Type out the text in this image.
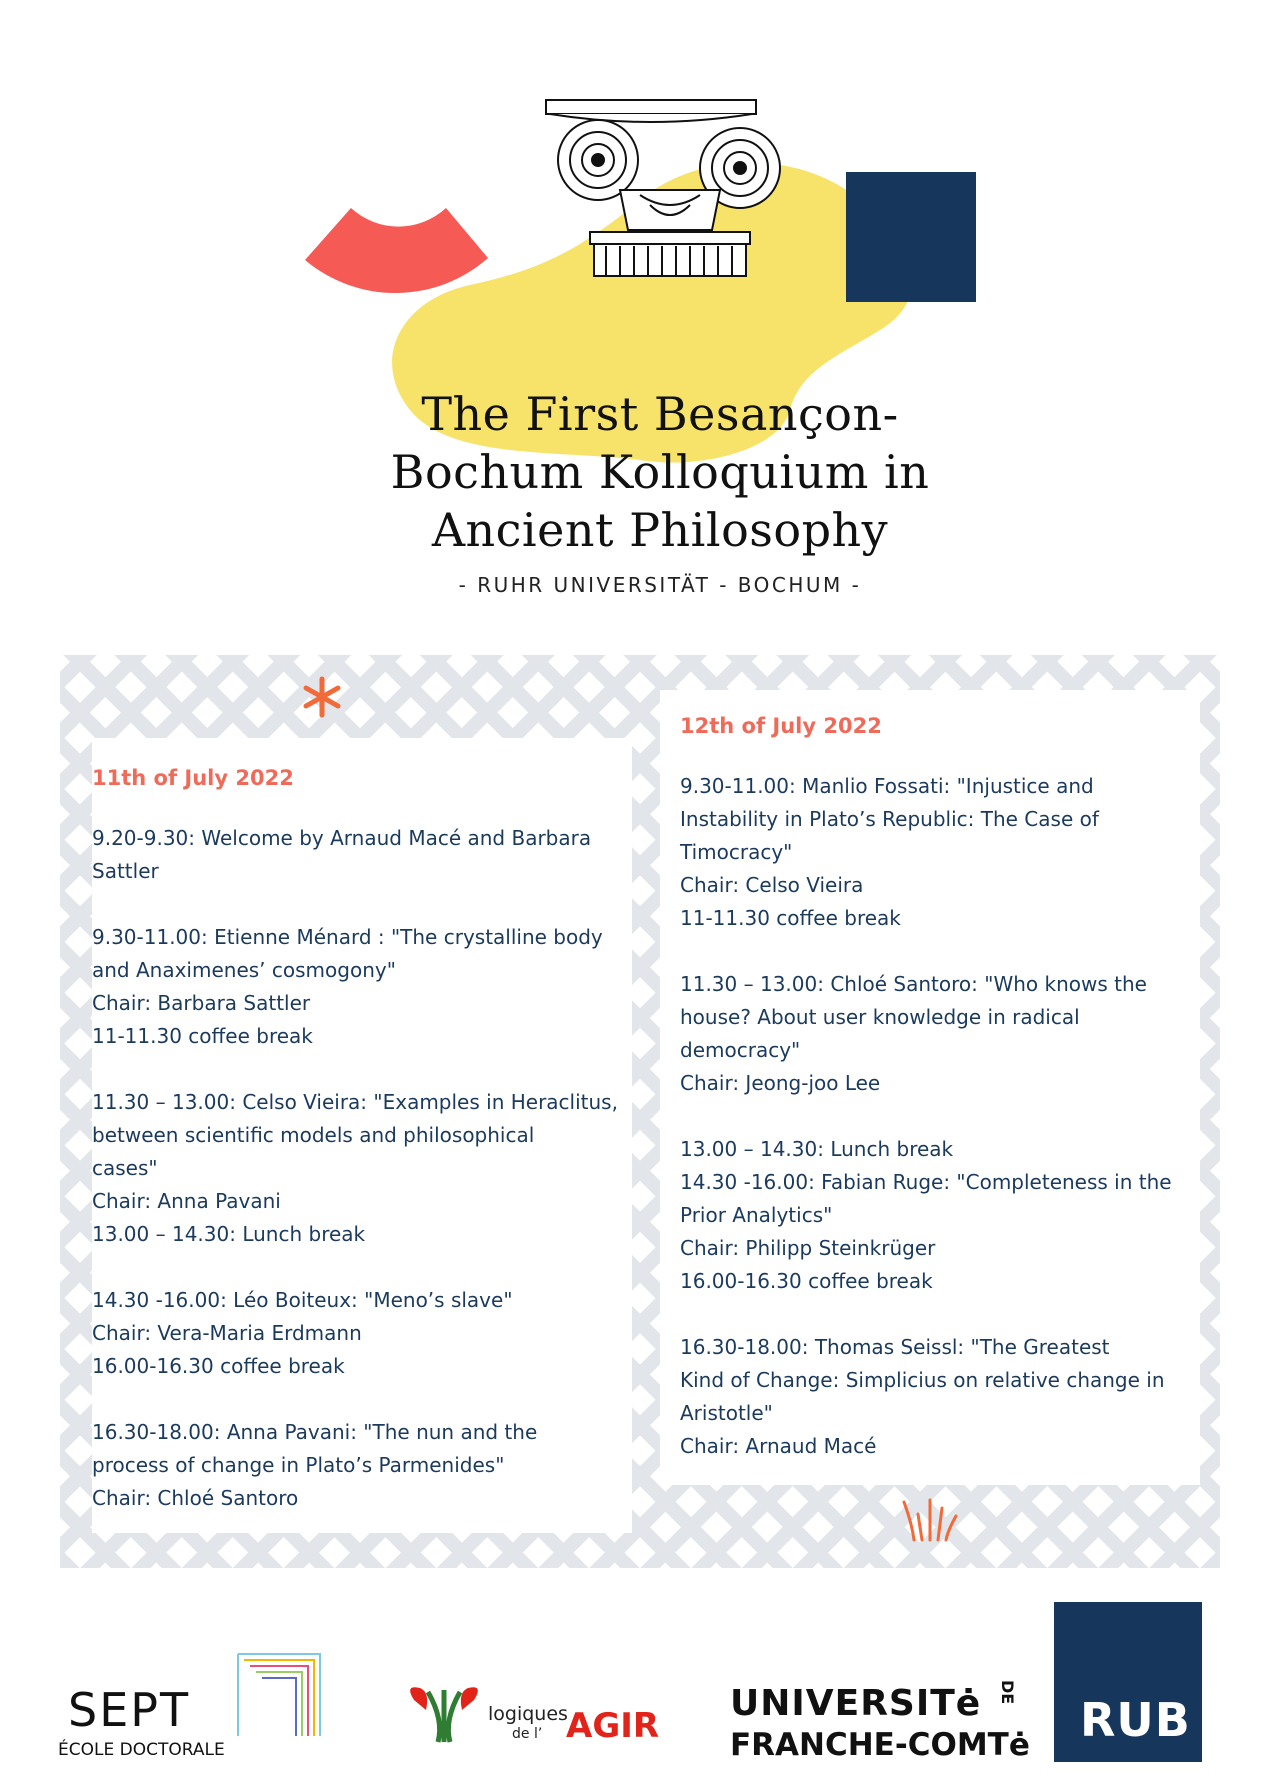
The First Besançon-
Bochum Kolloquium in
Ancient Philosophy
- RUHR UNIVERSITÄT - BOCHUM -
11th of July 2022
9.20-9.30: Welcome by Arnaud Macé and Barbara
Sattler
9.30-11.00: Etienne Ménard : "The crystalline body
and Anaximenes’ cosmogony"
Chair: Barbara Sattler
11-11.30 coffee break
11.30 – 13.00: Celso Vieira: "Examples in Heraclitus,
between scientific models and philosophical
cases"
Chair: Anna Pavani
13.00 – 14.30: Lunch break
14.30 -16.00: Léo Boiteux: "Meno’s slave"
Chair: Vera-Maria Erdmann
16.00-16.30 coffee break
16.30-18.00: Anna Pavani: "The nun and the
process of change in Plato’s Parmenides"
Chair: Chloé Santoro
12th of July 2022
9.30-11.00: Manlio Fossati: "Injustice and
Instability in Plato’s Republic: The Case of
Timocracy"
Chair: Celso Vieira
11-11.30 coffee break
11.30 – 13.00: Chloé Santoro: "Who knows the
house? About user knowledge in radical
democracy"
Chair: Jeong-joo Lee
13.00 – 14.30: Lunch break
14.30 -16.00: Fabian Ruge: "Completeness in the
Prior Analytics"
Chair: Philipp Steinkrüger
16.00-16.30 coffee break
16.30-18.00: Thomas Seissl: "The Greatest
Kind of Change: Simplicius on relative change in
Aristotle"
Chair: Arnaud Macé
SEPT
ÉCOLE DOCTORALE
logiques
de l’ AGIR
UNIVERSITė
FRANCHE-COMTė
DE
RUB
